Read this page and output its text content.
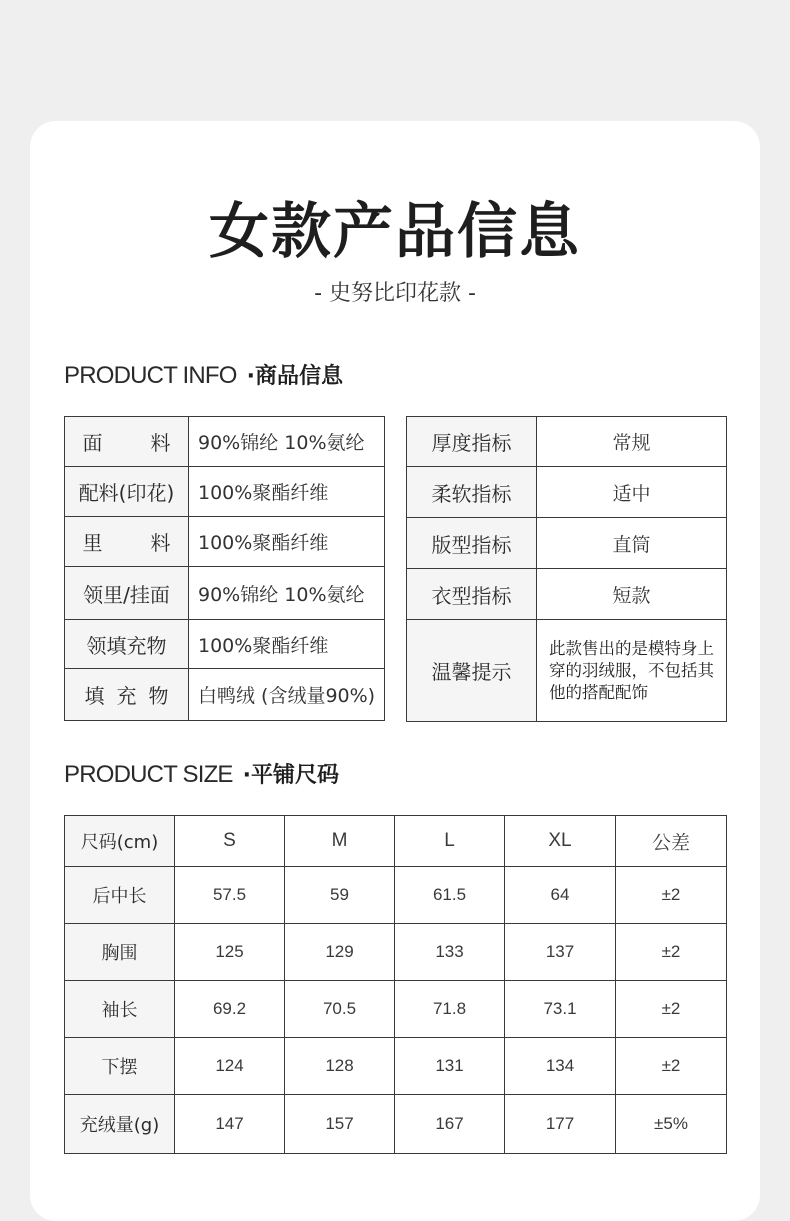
女款产品信息
- 史努比印花款 -
PRODUCT INFO ·商品信息
面 料	90%锦纶 10%氨纶
配料(印花)	100%聚酯纤维
里 料	100%聚酯纤维
领里/挂面	90%锦纶 10%氨纶
领填充物	100%聚酯纤维
填 充 物	白鸭绒 (含绒量90%)
厚度指标	常规
柔软指标	适中
版型指标	直筒
衣型指标	短款
温馨提示	此款售出的是模特身上穿的羽绒服，不包括其他的搭配配饰
PRODUCT SIZE ·平铺尺码
尺码(cm)	S	M	L	XL	公差
后中长	57.5	59	61.5	64	±2
胸围	125	129	133	137	±2
袖长	69.2	70.5	71.8	73.1	±2
下摆	124	128	131	134	±2
充绒量(g)	147	157	167	177	±5%
